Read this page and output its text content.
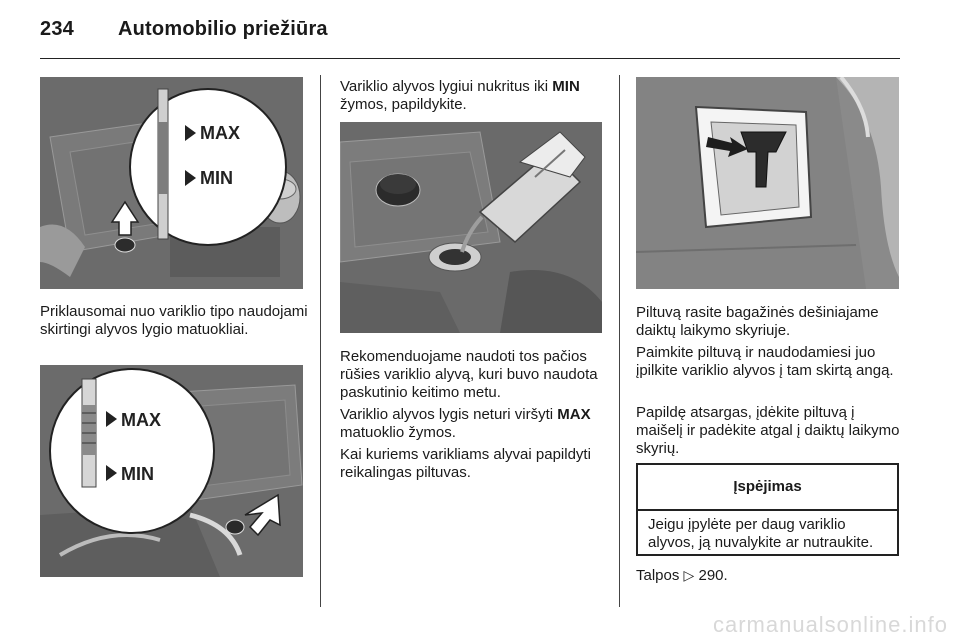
234 Automobilio priežiūra
MAX
MIN

Priklausomai nuo variklio tipo naudojami skirtingi alyvos lygio matuokliai.

MAX
MIN

Variklio alyvos lygiui nukritus iki MIN žymos, papildykite.

Rekomenduojame naudoti tos pačios rūšies variklio alyvą, kuri buvo naudota paskutinio keitimo metu.

Variklio alyvos lygis neturi viršyti MAX matuoklio žymos.

Kai kuriems varikliams alyvai papildyti reikalingas piltuvas.

Piltuvą rasite bagažinės dešiniajame daiktų laikymo skyriuje.

Paimkite piltuvą ir naudodamiesi juo įpilkite variklio alyvos į tam skirtą angą.

Papildę atsargas, įdėkite piltuvą į maišelį ir padėkite atgal į daiktų laikymo skyrių.

Įspėjimas
Jeigu įpylėte per daug variklio alyvos, ją nuvalykite ar nutraukite.

Talpos ▷ 290.

carmanualsonline.info
